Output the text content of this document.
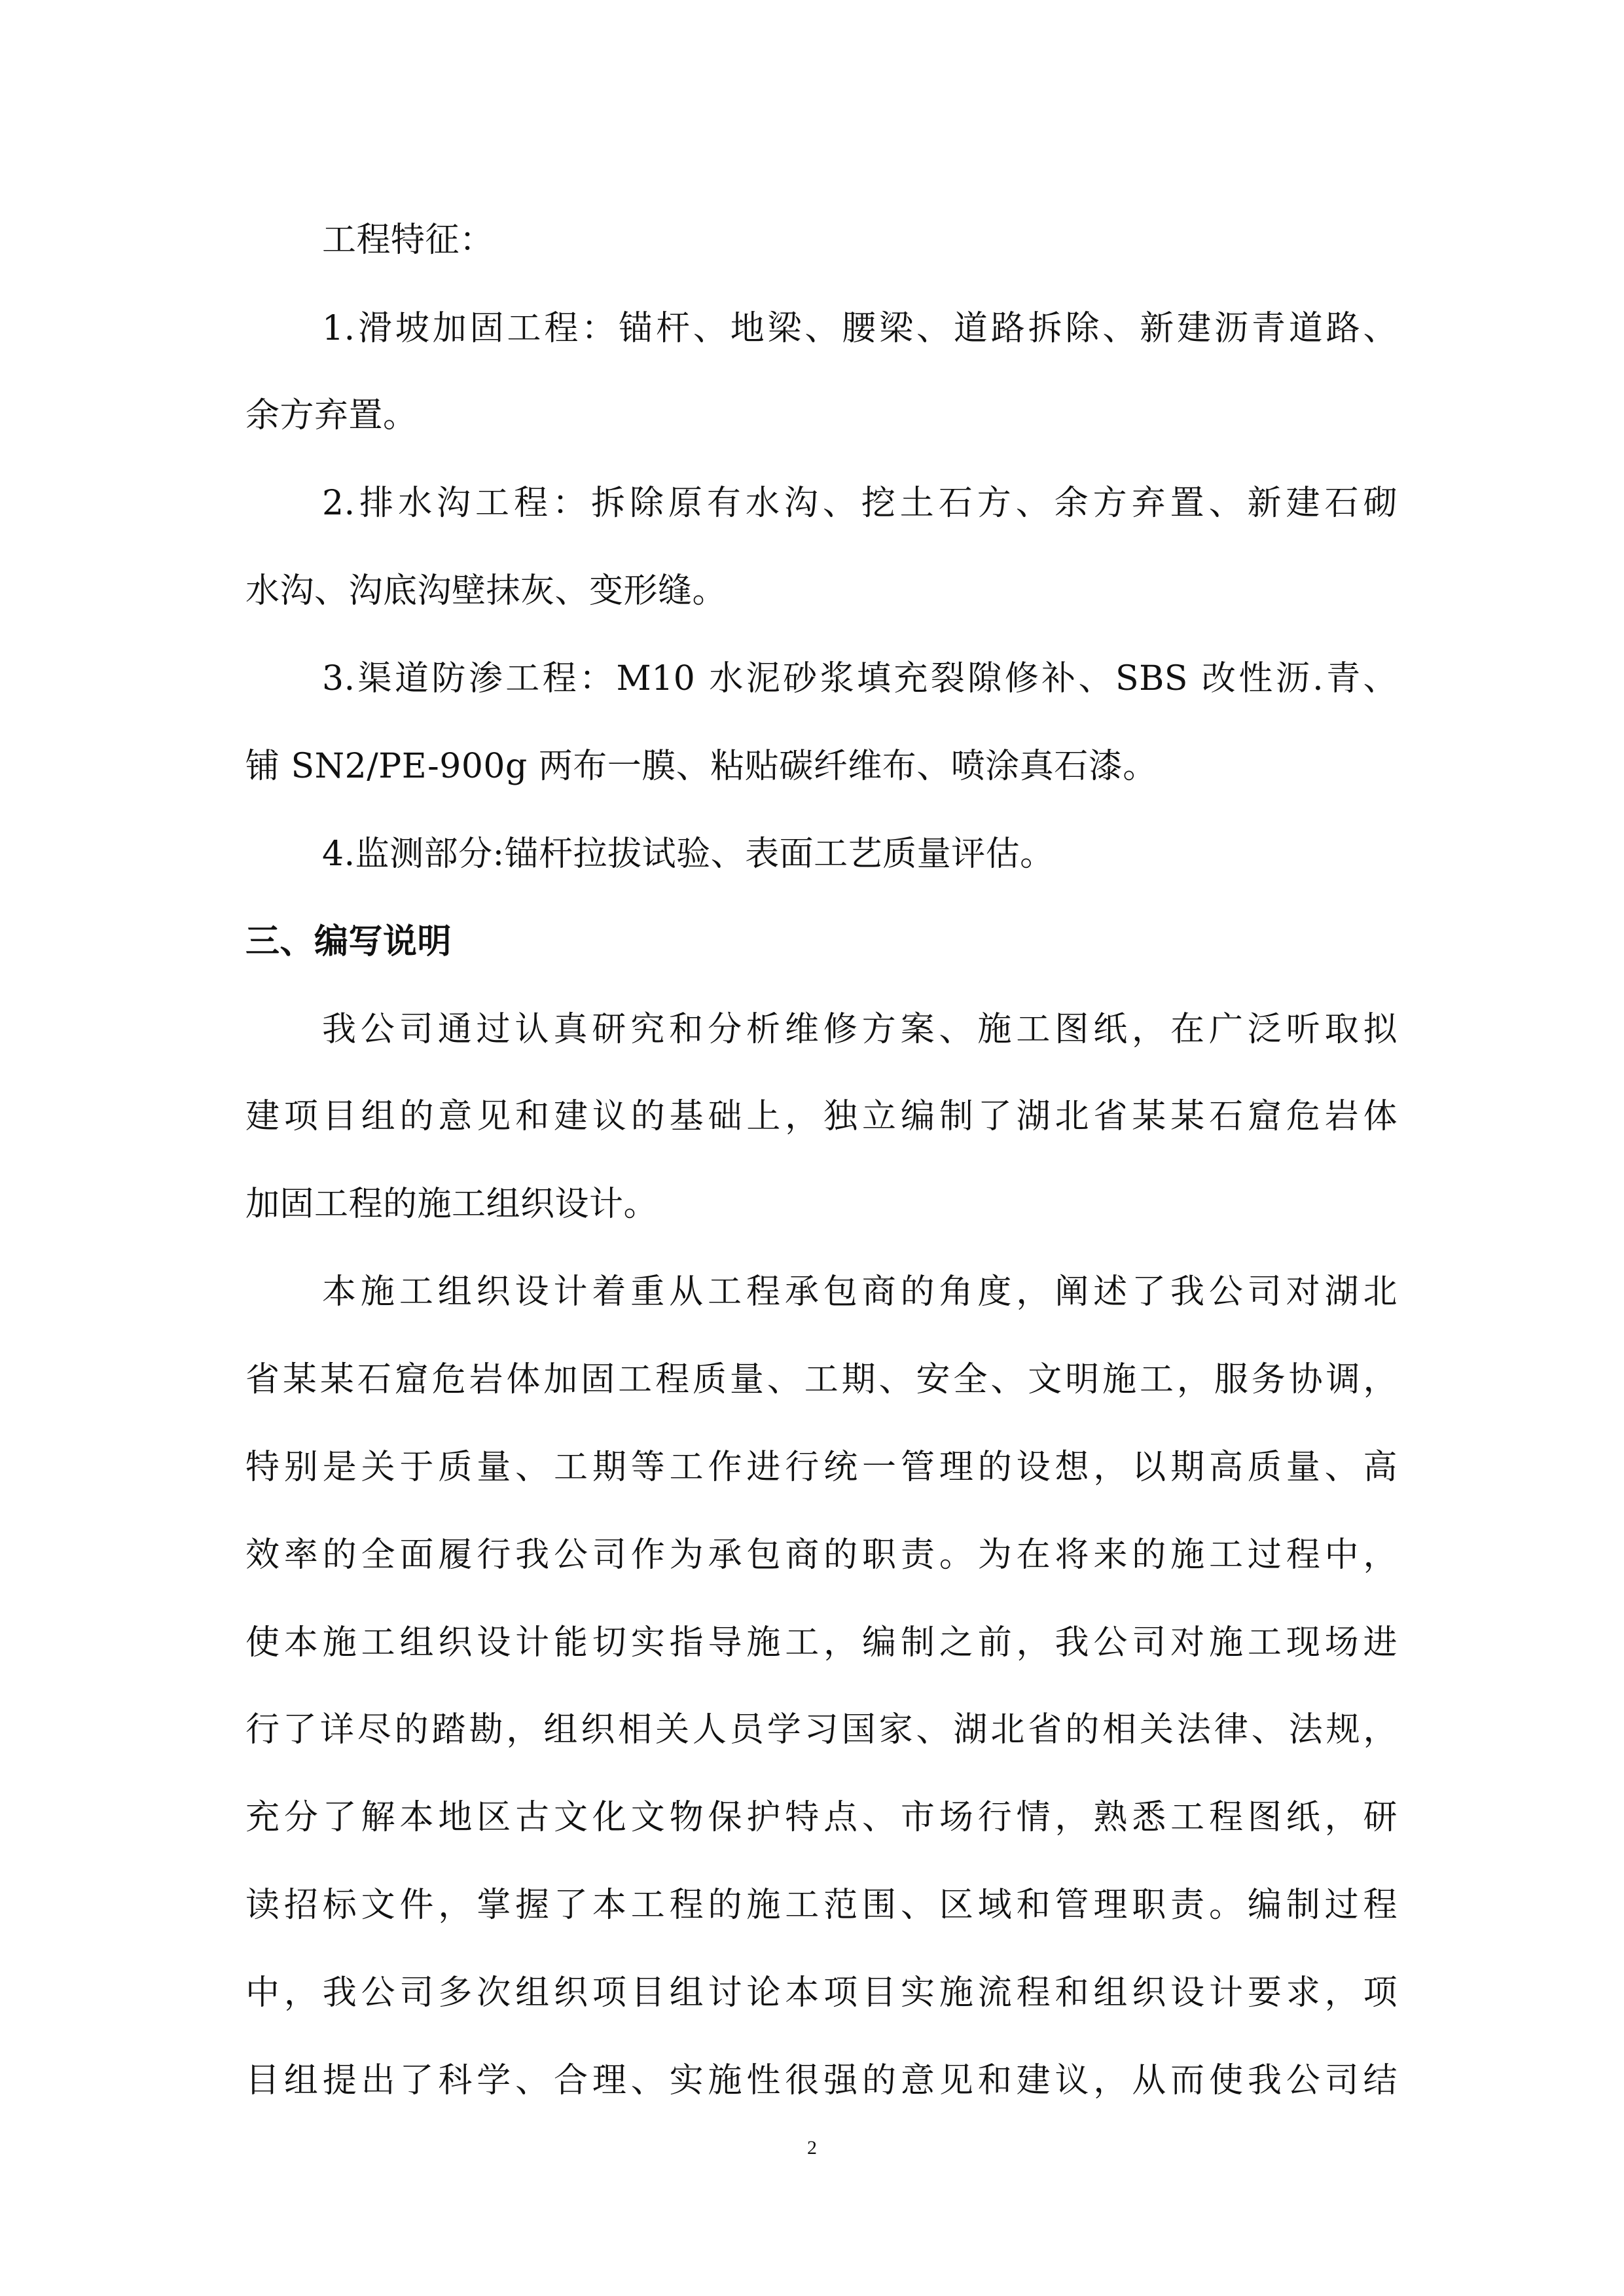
工程特征：
1.滑坡加固工程：锚杆、地梁、腰梁、道路拆除、新建沥青道路、
余方弃置。
2.排水沟工程：拆除原有水沟、挖土石方、余方弃置、新建石砌
水沟、沟底沟壁抹灰、变形缝。
3.渠道防渗工程：M10 水泥砂浆填充裂隙修补、SBS 改性沥.青、
铺 SN2/PE-900g 两布一膜、粘贴碳纤维布、喷涂真石漆。
4.监测部分:锚杆拉拔试验、表面工艺质量评估。
三、编写说明
我公司通过认真研究和分析维修方案、施工图纸，在广泛听取拟
建项目组的意见和建议的基础上，独立编制了湖北省某某石窟危岩体
加固工程的施工组织设计。
本施工组织设计着重从工程承包商的角度，阐述了我公司对湖北
省某某石窟危岩体加固工程质量、工期、安全、文明施工，服务协调，
特别是关于质量、工期等工作进行统一管理的设想，以期高质量、高
效率的全面履行我公司作为承包商的职责。为在将来的施工过程中，
使本施工组织设计能切实指导施工，编制之前，我公司对施工现场进
行了详尽的踏勘，组织相关人员学习国家、湖北省的相关法律、法规，
充分了解本地区古文化文物保护特点、市场行情，熟悉工程图纸，研
读招标文件，掌握了本工程的施工范围、区域和管理职责。编制过程
中，我公司多次组织项目组讨论本项目实施流程和组织设计要求，项
目组提出了科学、合理、实施性很强的意见和建议，从而使我公司结
2
